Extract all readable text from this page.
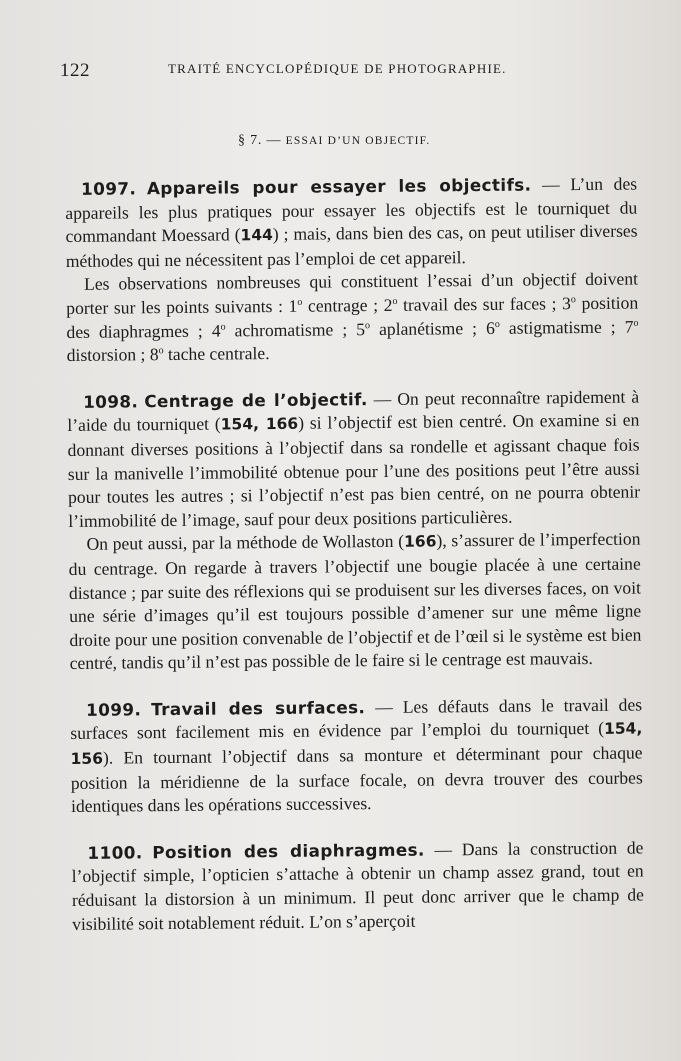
122	TRAITÉ ENCYCLOPÉDIQUE DE PHOTOGRAPHIE.
§ 7. — ESSAI D’UN OBJECTIF.

1097. Appareils pour essayer les objectifs. — L’un des appareils les plus pratiques pour essayer les objectifs est le tourniquet du commandant Moessard (144) ; mais, dans bien des cas, on peut utiliser diverses méthodes qui ne nécessitent pas l’emploi de cet appareil.

Les observations nombreuses qui constituent l’essai d’un objectif doivent porter sur les points suivants : 1$^o$ centrage ; 2$^o$ travail des sur faces ; 3$^o$ position des diaphragmes ; 4$^o$ achromatisme ; 5$^o$ aplanétisme ; 6$^o$ astigmatisme ; 7$^o$ distorsion ; 8$^o$ tache centrale.

1098. Centrage de l’objectif. — On peut reconnaître rapidement à l’aide du tourniquet (154, 166) si l’objectif est bien centré. On examine si en donnant diverses positions à l’objectif dans sa rondelle et agissant chaque fois sur la manivelle l’immobilité obtenue pour l’une des positions peut l’être aussi pour toutes les autres ; si l’objectif n’est pas bien centré, on ne pourra obtenir l’immobilité de l’image, sauf pour deux positions particulières.

On peut aussi, par la méthode de Wollaston (166), s’assurer de l’imperfection du centrage. On regarde à travers l’objectif une bougie placée à une certaine distance ; par suite des réflexions qui se produisent sur les diverses faces, on voit une série d’images qu’il est toujours possible d’amener sur une même ligne droite pour une position convenable de l’objectif et de l’œil si le système est bien centré, tandis qu’il n’est pas possible de le faire si le centrage est mauvais.

1099. Travail des surfaces. — Les défauts dans le travail des surfaces sont facilement mis en évidence par l’emploi du tourniquet (154, 156). En tournant l’objectif dans sa monture et déterminant pour chaque position la méridienne de la surface focale, on devra trouver des courbes identiques dans les opérations successives.

1100. Position des diaphragmes. — Dans la construction de l’objectif simple, l’opticien s’attache à obtenir un champ assez grand, tout en réduisant la distorsion à un minimum. Il peut donc arriver que le champ de visibilité soit notablement réduit. L’on s’aperçoit
